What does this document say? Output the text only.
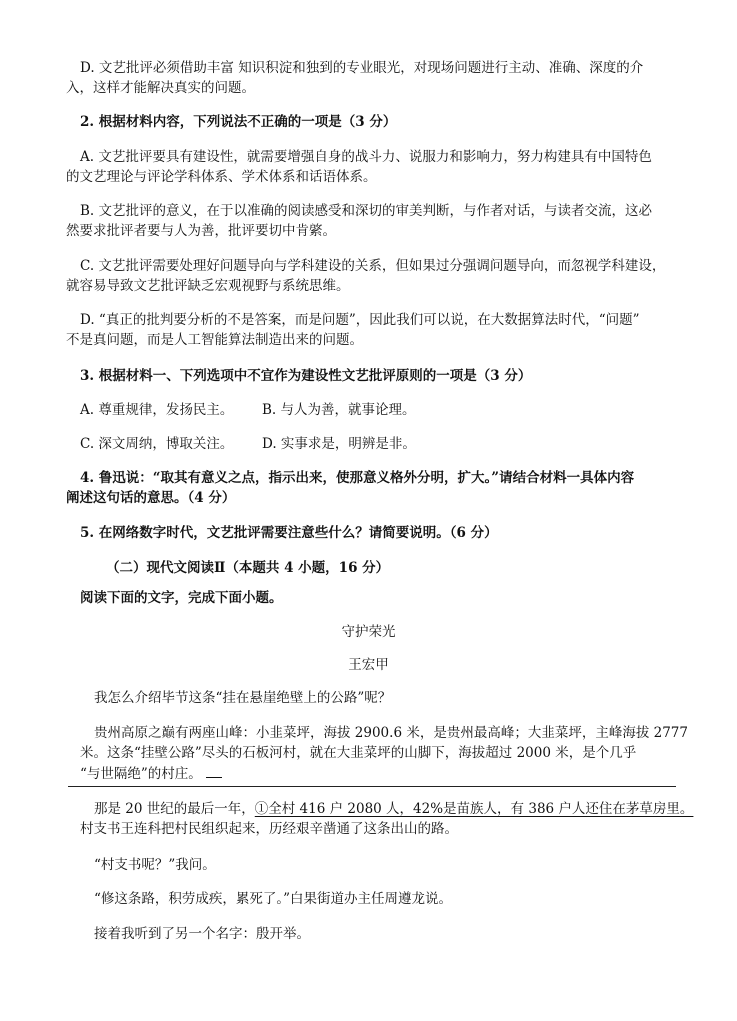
D. 文艺批评必须借助丰富 知识积淀和独到的专业眼光，对现场问题进行主动、准确、深度的介
入，这样才能解决真实的问题。
2. 根据材料内容，下列说法不正确的一项是（3 分）
A. 文艺批评要具有建设性，就需要增强自身的战斗力、说服力和影响力，努力构建具有中国特色
的文艺理论与评论学科体系、学术体系和话语体系。
B. 文艺批评的意义，在于以准确的阅读感受和深切的审美判断，与作者对话，与读者交流，这必
然要求批评者要与人为善，批评要切中肯綮。
C. 文艺批评需要处理好问题导向与学科建设的关系，但如果过分强调问题导向，而忽视学科建设，
就容易导致文艺批评缺乏宏观视野与系统思维。
D. “真正的批判要分析的不是答案，而是问题”，因此我们可以说，在大数据算法时代，“问题”
不是真问题，而是人工智能算法制造出来的问题。
3. 根据材料一、下列选项中不宜作为建设性文艺批评原则的一项是（3 分）
A. 尊重规律，发扬民主。 B. 与人为善，就事论理。
C. 深文周纳，博取关注。 D. 实事求是，明辨是非。
4. 鲁迅说：“取其有意义之点，指示出来，使那意义格外分明，扩大。”请结合材料一具体内容
阐述这句话的意思。（4 分）
5. 在网络数字时代，文艺批评需要注意些什么？请简要说明。（6 分）
（二）现代文阅读Ⅱ（本题共 4 小题，16 分）
阅读下面的文字，完成下面小题。
守护荣光
王宏甲
我怎么介绍毕节这条“挂在悬崖绝壁上的公路”呢？
贵州高原之巅有两座山峰：小韭菜坪，海拔 2900.6 米，是贵州最高峰；大韭菜坪，主峰海拔 2777
米。这条“挂壁公路”尽头的石板河村，就在大韭菜坪的山脚下，海拔超过 2000 米，是个几乎
“与世隔绝”的村庄。
那是 20 世纪的最后一年，①全村 416 户 2080 人，42%是苗族人，有 386 户人还住在茅草房里。
村支书王连科把村民组织起来，历经艰辛凿通了这条出山的路。
“村支书呢？”我问。
“修这条路，积劳成疾，累死了。”白果街道办主任周遵龙说。
接着我听到了另一个名字：殷开举。
